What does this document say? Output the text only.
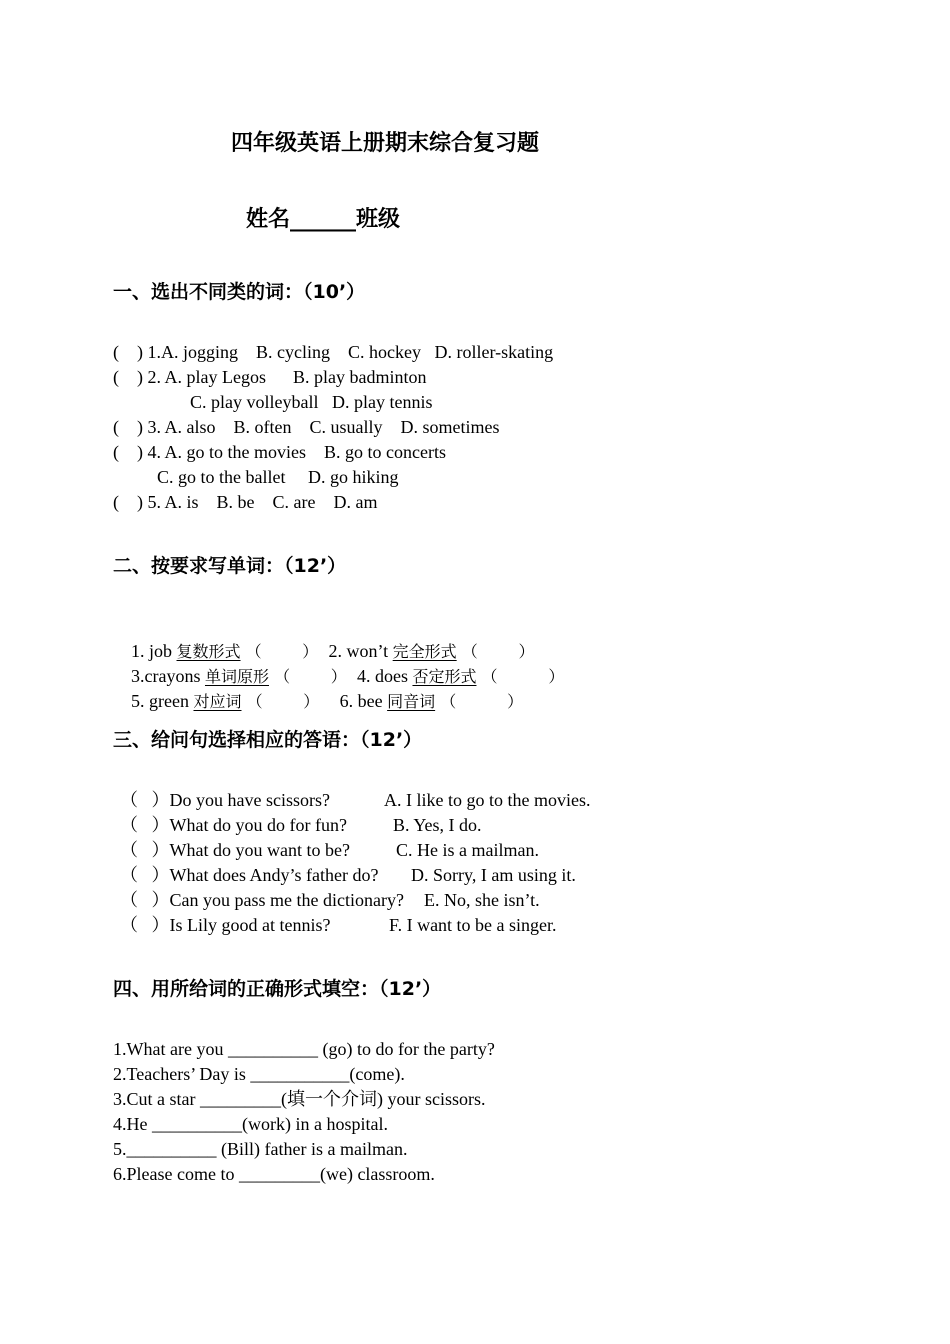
四年级英语上册期末综合复习题
姓名______班级
一、选出不同类的词：（10’）
(    ) 1.A. jogging    B. cycling    C. hockey   D. roller-skating
(    ) 2. A. play Legos      B. play badminton
C. play volleyball   D. play tennis
(    ) 3. A. also    B. often    C. usually    D. sometimes
(    ) 4. A. go to the movies    B. go to concerts
C. go to the ballet     D. go hiking
(    ) 5. A. is    B. be    C. are    D. am
二、按要求写单词：（12’）

1. job 复数形式 （        ）  2. won’t 完全形式 （        ）

3.crayons 单词原形 （        ）  4. does 否定形式 （          ）

5. green 对应词 （        ）    6. bee 同音词 （          ）

三、给问句选择相应的答语：（12’）
（   ）Do you have scissors?	A. I like to go to the movies.
（   ）What do you do for fun?	B. Yes, I do.
（   ）What do you want to be?	C. He is a mailman.
（   ）What does Andy’s father do? D. Sorry, I am using it.
（   ）Can you pass me the dictionary? E. No, she isn’t.
（   ）Is Lily good at tennis?	F. I want to be a singer.
四、用所给词的正确形式填空：（12’）
1.What are you __________ (go) to do for the party?
2.Teachers’ Day is ___________(come).
3.Cut a star _________(填一个介词) your scissors.
4.He __________(work) in a hospital.
5.__________ (Bill) father is a mailman.
6.Please come to _________(we) classroom.
